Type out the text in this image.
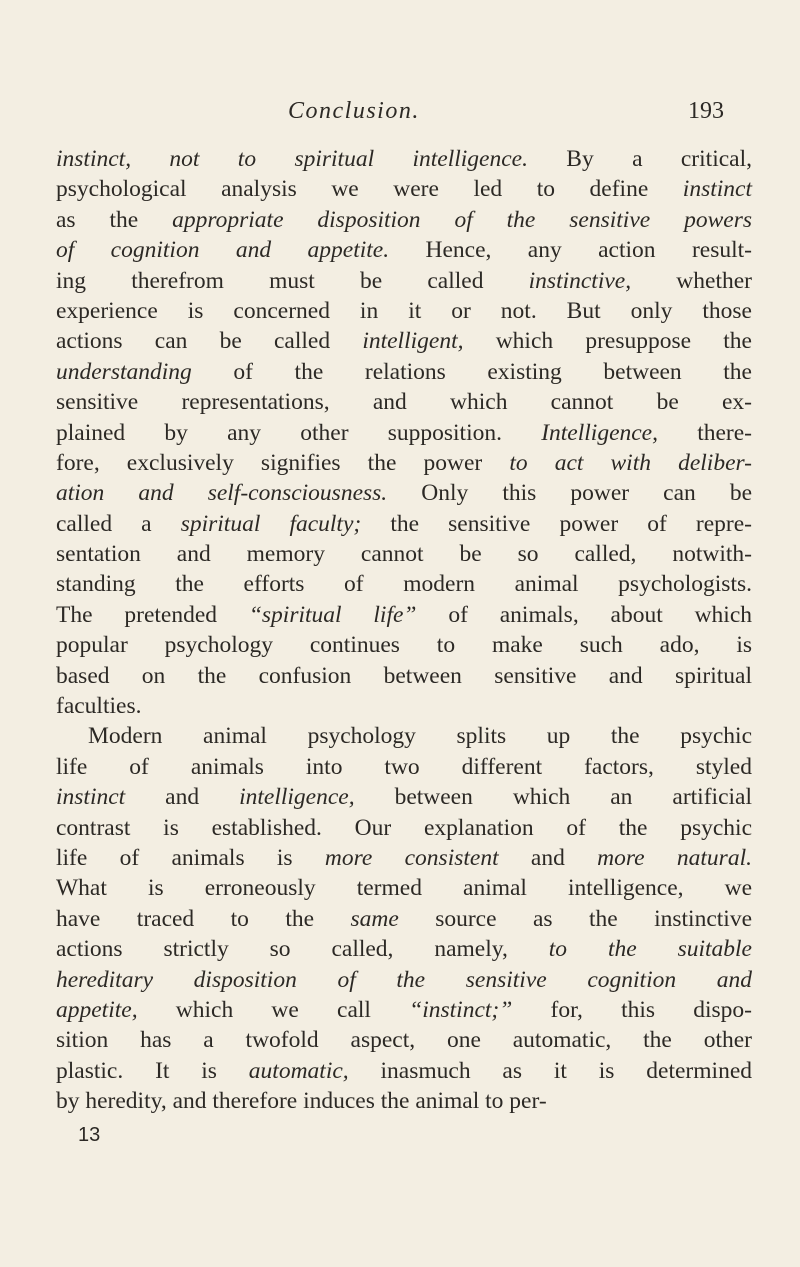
Conclusion.	193
instinct, not to spiritual intelligence. By a critical,
psychological analysis we were led to define instinct
as the appropriate disposition of the sensitive powers
of cognition and appetite. Hence, any action result-
ing therefrom must be called instinctive, whether
experience is concerned in it or not. But only those
actions can be called intelligent, which presuppose the
understanding of the relations existing between the
sensitive representations, and which cannot be ex-
plained by any other supposition. Intelligence, there-
fore, exclusively signifies the power to act with deliber-
ation and self-consciousness. Only this power can be
called a spiritual faculty; the sensitive power of repre-
sentation and memory cannot be so called, notwith-
standing the efforts of modern animal psychologists.
The pretended “spiritual life” of animals, about which
popular psychology continues to make such ado, is
based on the confusion between sensitive and spiritual
faculties.
Modern animal psychology splits up the psychic
life of animals into two different factors, styled
instinct and intelligence, between which an artificial
contrast is established. Our explanation of the psychic
life of animals is more consistent and more natural.
What is erroneously termed animal intelligence, we
have traced to the same source as the instinctive
actions strictly so called, namely, to the suitable
hereditary disposition of the sensitive cognition and
appetite, which we call “instinct;” for, this dispo-
sition has a twofold aspect, one automatic, the other
plastic. It is automatic, inasmuch as it is determined
by heredity, and therefore induces the animal to per-
13
